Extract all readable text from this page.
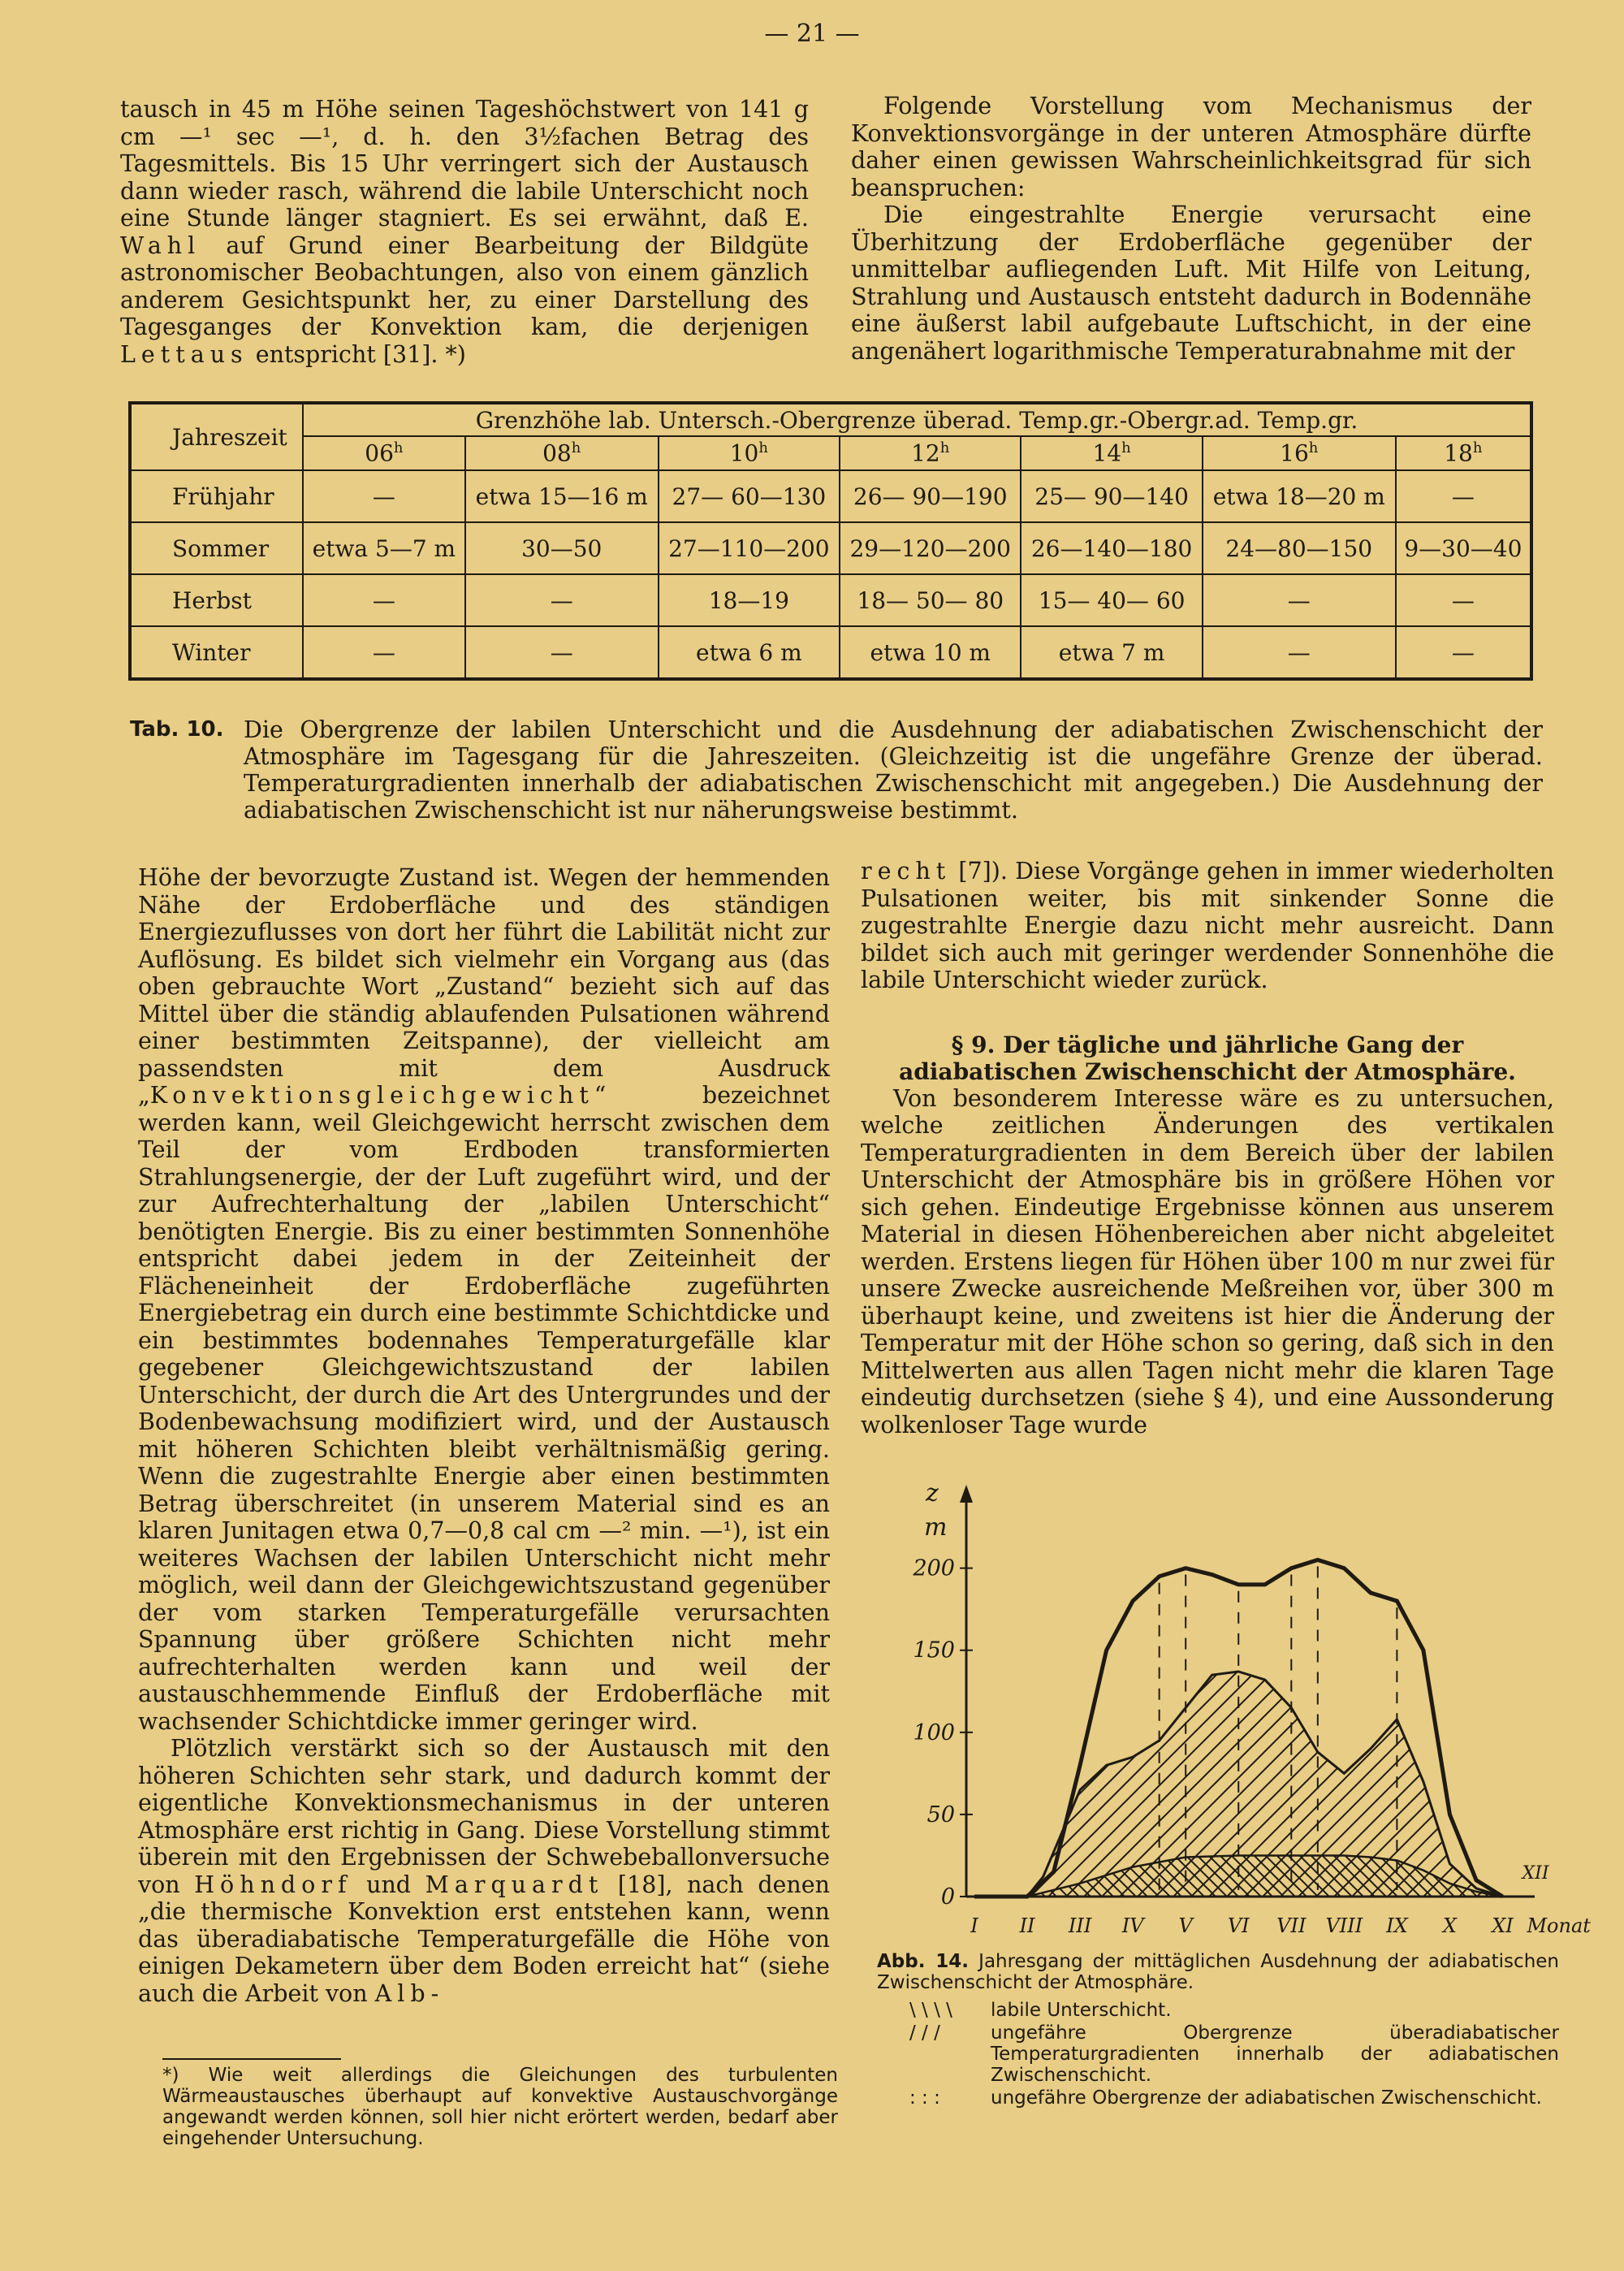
— 21 —

tausch in 45 m Höhe seinen Tageshöchstwert von 141 g cm —¹ sec —¹, d. h. den 3½fachen Betrag des Tagesmittels. Bis 15 Uhr verringert sich der Austausch dann wieder rasch, während die labile Unterschicht noch eine Stunde länger stagniert. Es sei erwähnt, daß E. Wahl auf Grund einer Bearbeitung der Bildgüte astronomischer Beobachtungen, also von einem gänzlich anderem Gesichtspunkt her, zu einer Darstellung des Tagesganges der Konvektion kam, die derjenigen Lettaus entspricht [31]. *)

Folgende Vorstellung vom Mechanismus der Konvektionsvorgänge in der unteren Atmosphäre dürfte daher einen gewissen Wahrscheinlichkeitsgrad für sich beanspruchen:

Die eingestrahlte Energie verursacht eine Überhitzung der Erdoberfläche gegenüber der unmittelbar aufliegenden Luft. Mit Hilfe von Leitung, Strahlung und Austausch entsteht dadurch in Bodennähe eine äußerst labil aufgebaute Luftschicht, in der eine angenähert logarithmische Temperaturabnahme mit der

Jahreszeit	Grenzhöhe lab. Untersch.-Obergrenze überad. Temp.gr.-Obergr.ad. Temp.gr.						
	06$^h$	08$^h$	10$^h$	12$^h$	14$^h$	16$^h$	18$^h$
Frühjahr	—	etwa 15—16 m	27— 60—130	26— 90—190	25— 90—140	etwa 18—20 m	—
Sommer	etwa 5—7 m	30—50	27—110—200	29—120—200	26—140—180	24—80—150	9—30—40
Herbst	—	—	18—19	18— 50— 80	15— 40— 60	—	—
Winter	—	—	etwa 6 m	etwa 10 m	etwa 7 m	—	—
Tab. 10. Die Obergrenze der labilen Unterschicht und die Ausdehnung der adiabatischen Zwischenschicht der Atmosphäre im Tagesgang für die Jahreszeiten. (Gleichzeitig ist die ungefähre Grenze der überad. Temperaturgradienten innerhalb der adiabatischen Zwischenschicht mit angegeben.) Die Ausdehnung der adiabatischen Zwischenschicht ist nur näherungsweise bestimmt.

Höhe der bevorzugte Zustand ist. Wegen der hemmenden Nähe der Erdoberfläche und des ständigen Energiezuflusses von dort her führt die Labilität nicht zur Auflösung. Es bildet sich vielmehr ein Vorgang aus (das oben gebrauchte Wort „Zustand“ bezieht sich auf das Mittel über die ständig ablaufenden Pulsationen während einer bestimmten Zeitspanne), der vielleicht am passendsten mit dem Ausdruck „Konvektionsgleichgewicht“ bezeichnet werden kann, weil Gleichgewicht herrscht zwischen dem Teil der vom Erdboden transformierten Strahlungsenergie, der der Luft zugeführt wird, und der zur Aufrechterhaltung der „labilen Unterschicht“ benötigten Energie. Bis zu einer bestimmten Sonnenhöhe entspricht dabei jedem in der Zeiteinheit der Flächeneinheit der Erdoberfläche zugeführten Energiebetrag ein durch eine bestimmte Schichtdicke und ein bestimmtes bodennahes Temperaturgefälle klar gegebener Gleichgewichtszustand der labilen Unterschicht, der durch die Art des Untergrundes und der Bodenbewachsung modifiziert wird, und der Austausch mit höheren Schichten bleibt verhältnismäßig gering. Wenn die zugestrahlte Energie aber einen bestimmten Betrag überschreitet (in unserem Material sind es an klaren Junitagen etwa 0,7—0,8 cal cm —² min. —¹), ist ein weiteres Wachsen der labilen Unterschicht nicht mehr möglich, weil dann der Gleichgewichtszustand gegenüber der vom starken Temperaturgefälle verursachten Spannung über größere Schichten nicht mehr aufrechterhalten werden kann und weil der austauschhemmende Einfluß der Erdoberfläche mit wachsender Schichtdicke immer geringer wird.

Plötzlich verstärkt sich so der Austausch mit den höheren Schichten sehr stark, und dadurch kommt der eigentliche Konvektionsmechanismus in der unteren Atmosphäre erst richtig in Gang. Diese Vorstellung stimmt überein mit den Ergebnissen der Schwebeballonversuche von Höhndorf und Marquardt [18], nach denen „die thermische Konvektion erst entstehen kann, wenn das überadiabatische Temperaturgefälle die Höhe von einigen Dekametern über dem Boden erreicht hat“ (siehe auch die Arbeit von Alb-

recht [7]). Diese Vorgänge gehen in immer wiederholten Pulsationen weiter, bis mit sinkender Sonne die zugestrahlte Energie dazu nicht mehr ausreicht. Dann bildet sich auch mit geringer werdender Sonnenhöhe die labile Unterschicht wieder zurück.

§ 9. Der tägliche und jährliche Gang der adiabatischen Zwischenschicht der Atmosphäre.

Von besonderem Interesse wäre es zu untersuchen, welche zeitlichen Änderungen des vertikalen Temperaturgradienten in dem Bereich über der labilen Unterschicht der Atmosphäre bis in größere Höhen vor sich gehen. Eindeutige Ergebnisse können aus unserem Material in diesen Höhenbereichen aber nicht abgeleitet werden. Erstens liegen für Höhen über 100 m nur zwei für unsere Zwecke ausreichende Meßreihen vor, über 300 m überhaupt keine, und zweitens ist hier die Änderung der Temperatur mit der Höhe schon so gering, daß sich in den Mittelwerten aus allen Tagen nicht mehr die klaren Tage eindeutig durchsetzen (siehe § 4), und eine Aussonderung wolkenloser Tage wurde

*) Wie weit allerdings die Gleichungen des turbulenten Wärmeaustausches überhaupt auf konvektive Austauschvorgänge angewandt werden können, soll hier nicht erörtert werden, bedarf aber eingehender Untersuchung.
z
m
0
50
100
150
200
I II III IV V VI VII VIII IX X XI
XII
Monat
Abb. 14. Jahresgang der mittäglichen Ausdehnung der adiabatischen Zwischenschicht der Atmosphäre.
\ \ \ \	labile Unterschicht.
/ / /	ungefähre Obergrenze überadiabatischer Temperaturgradienten innerhalb der adiabatischen Zwischenschicht.
: : :	ungefähre Obergrenze der adiabatischen Zwischenschicht.
